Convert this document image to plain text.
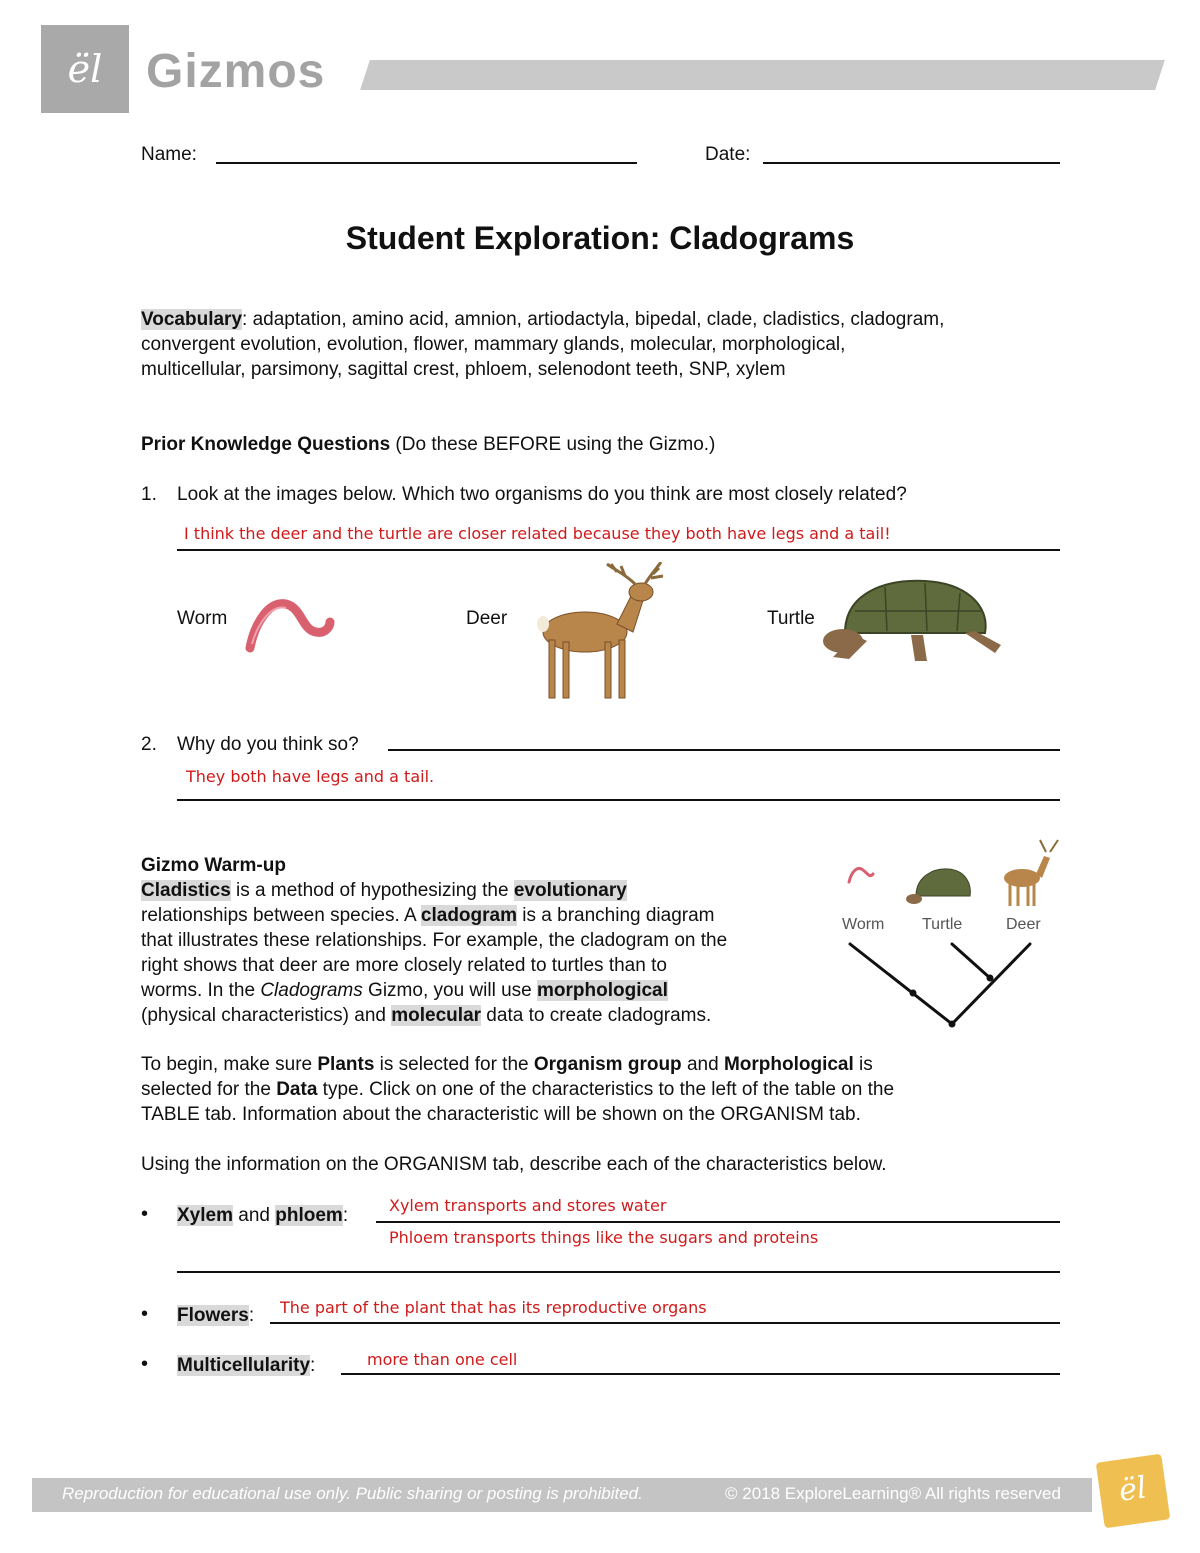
ël Gizmos
Name:	Date:
Student Exploration: Cladograms
Vocabulary: adaptation, amino acid, amnion, artiodactyla, bipedal, clade, cladistics, cladogram,
convergent evolution, evolution, flower, mammary glands, molecular, morphological,
multicellular, parsimony, sagittal crest, phloem, selenodont teeth, SNP, xylem
Prior Knowledge Questions (Do these BEFORE using the Gizmo.)
1. Look at the images below. Which two organisms do you think are most closely related?
I think the deer and the turtle are closer related because they both have legs and a tail!
Worm	Deer	Turtle
2. Why do you think so?
They both have legs and a tail.
Gizmo Warm-up
Cladistics is a method of hypothesizing the evolutionary
relationships between species. A cladogram is a branching diagram
that illustrates these relationships. For example, the cladogram on the
right shows that deer are more closely related to turtles than to
worms. In the Cladograms Gizmo, you will use morphological
(physical characteristics) and molecular data to create cladograms.
Worm Turtle	Deer
To begin, make sure Plants is selected for the Organism group and Morphological is
selected for the Data type. Click on one of the characteristics to the left of the table on the
TABLE tab. Information about the characteristic will be shown on the ORGANISM tab.
Using the information on the ORGANISM tab, describe each of the characteristics below.
• Xylem and phloem:	Xylem transports and stores water
Phloem transports things like the sugars and proteins
• Flowers: The part of the plant that has its reproductive organs
• Multicellularity:	more than one cell
Reproduction for educational use only. Public sharing or posting is prohibited.	© 2018 ExploreLearning® All rights reserved	ël
